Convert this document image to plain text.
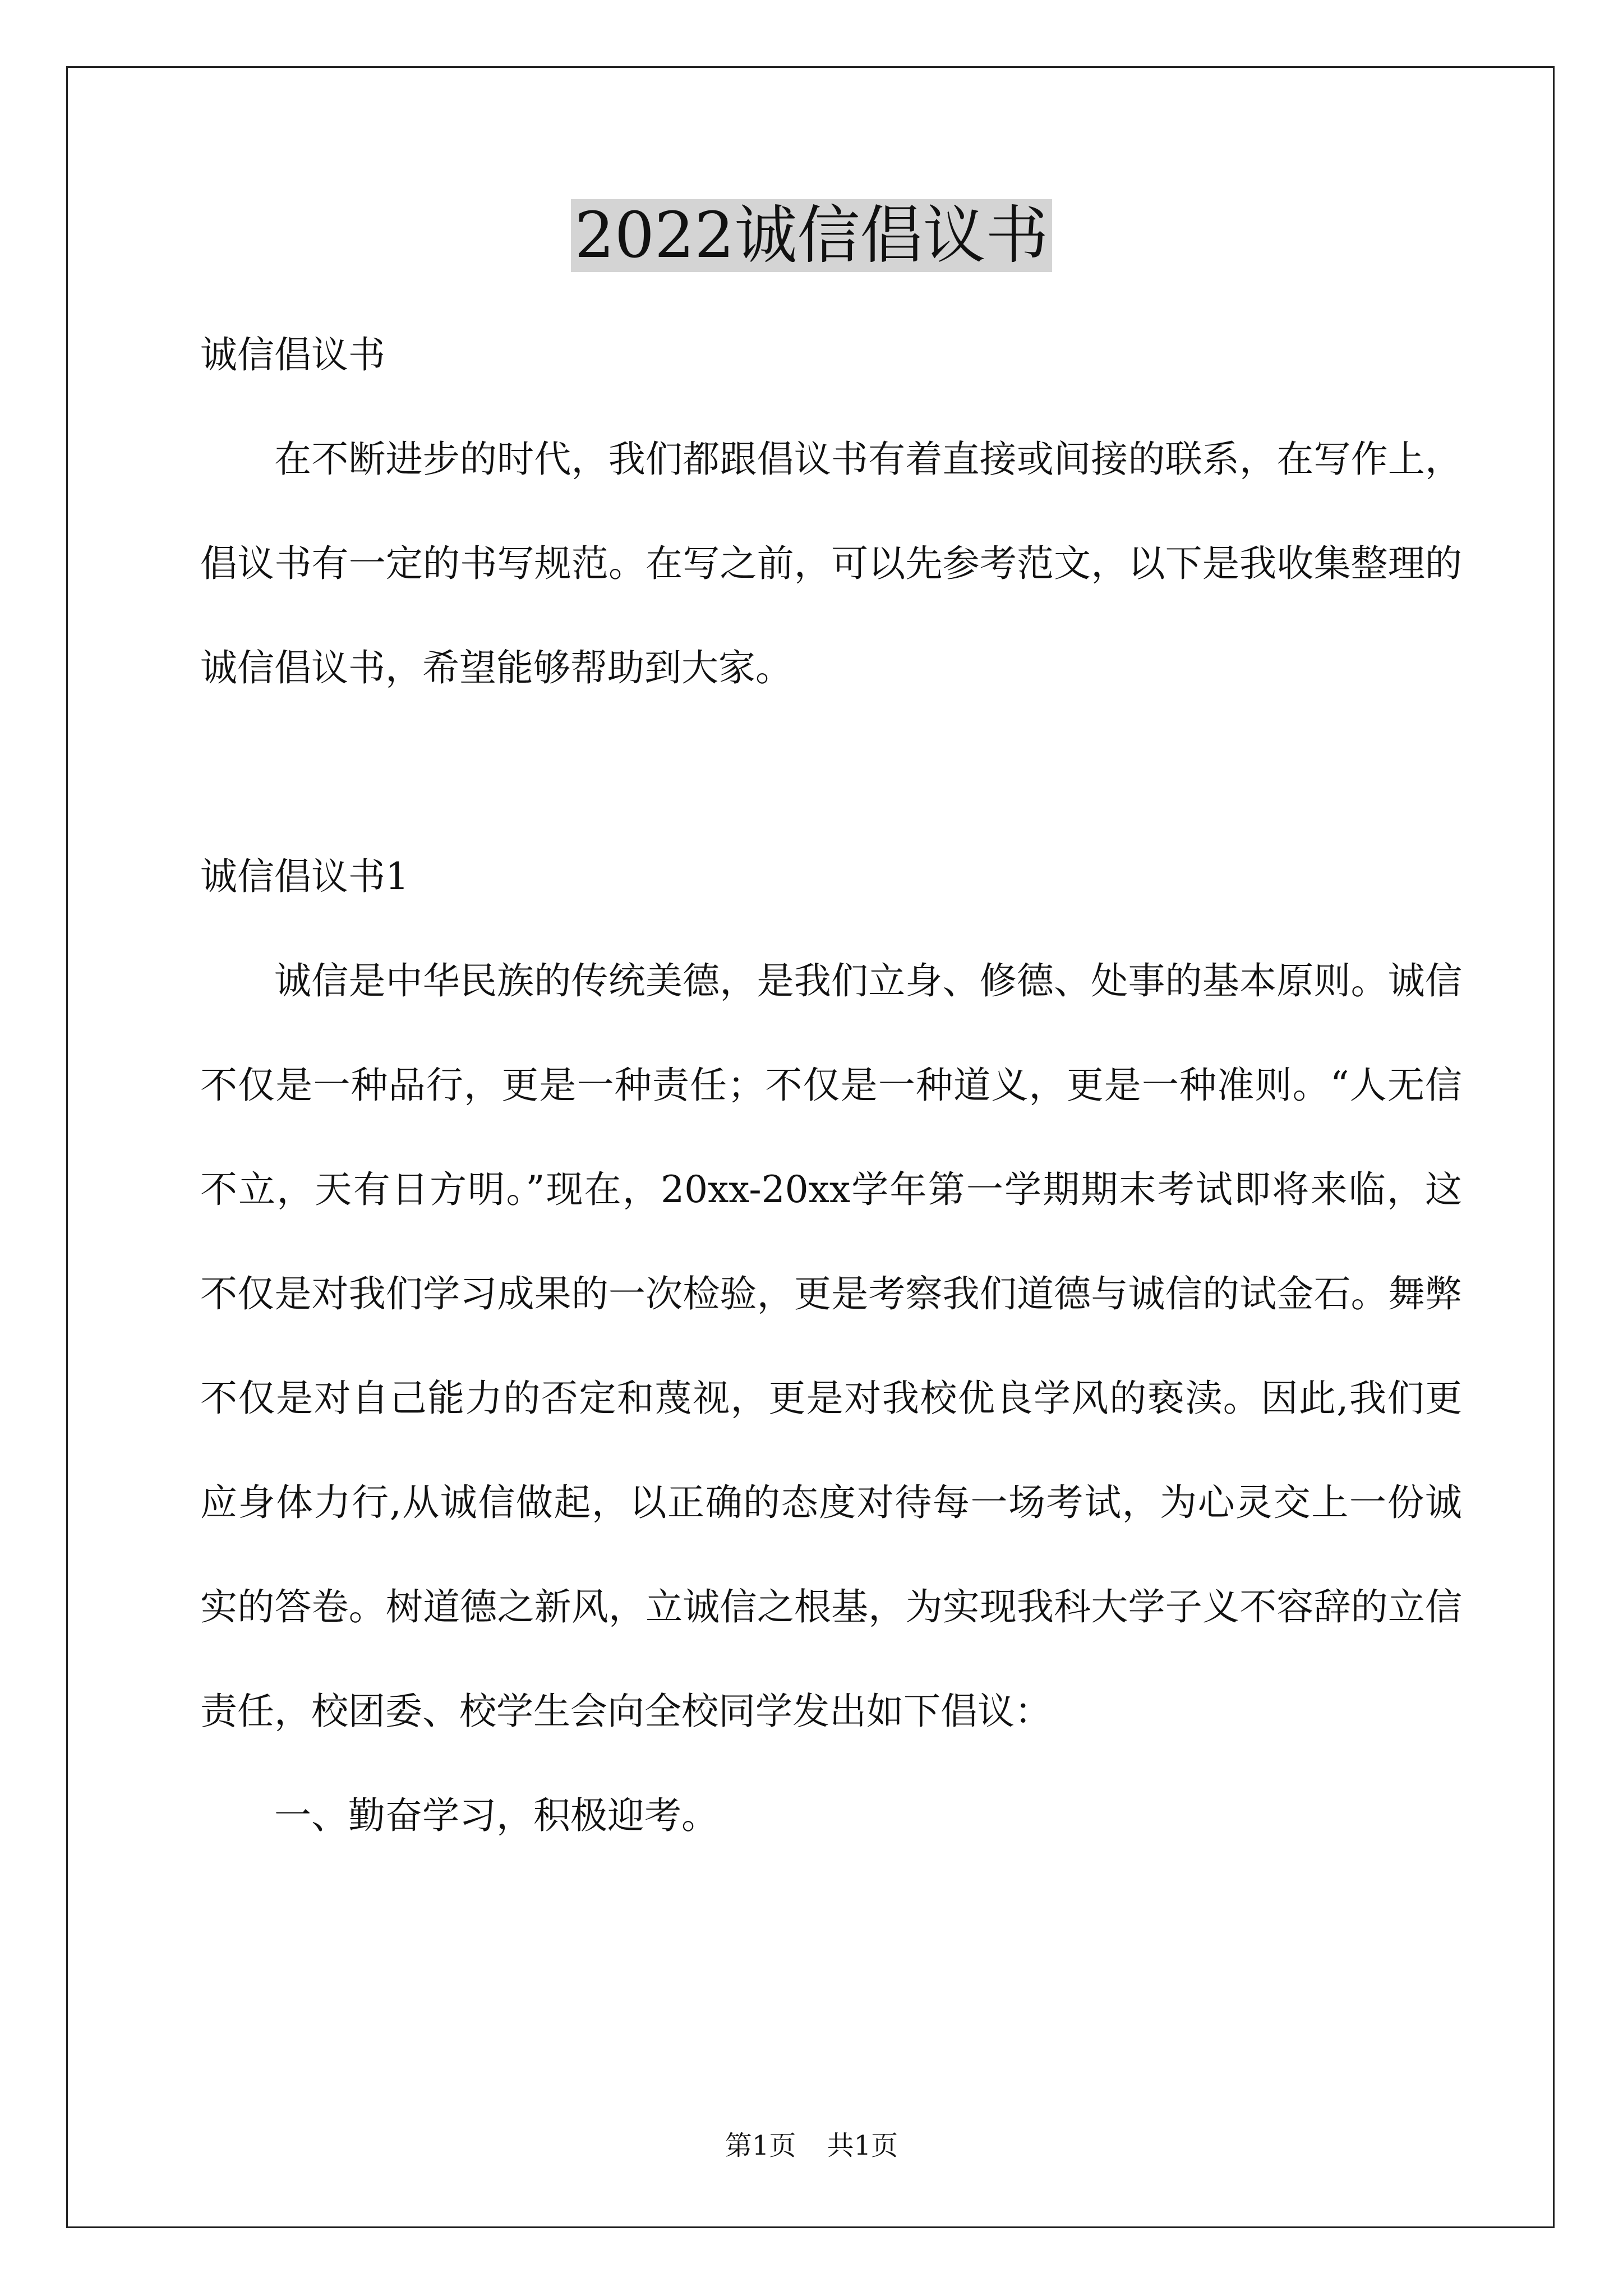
2022诚信倡议书

诚信倡议书

在不断进步的时代，我们都跟倡议书有着直接或间接的联系，在写作上，倡议书有一定的书写规范。在写之前，可以先参考范文，以下是我收集整理的诚信倡议书，希望能够帮助到大家。

诚信倡议书1

诚信是中华民族的传统美德，是我们立身、修德、处事的基本原则。诚信不仅是一种品行，更是一种责任；不仅是一种道义，更是一种准则。“人无信不立，天有日方明。”现在，20xx-20xx学年第一学期期末考试即将来临，这不仅是对我们学习成果的一次检验，更是考察我们道德与诚信的试金石。舞弊不仅是对自己能力的否定和蔑视，更是对我校优良学风的亵渎。因此,我们更应身体力行,从诚信做起，以正确的态度对待每一场考试，为心灵交上一份诚实的答卷。树道德之新风，立诚信之根基，为实现我科大学子义不容辞的立信责任，校团委、校学生会向全校同学发出如下倡议：

一、勤奋学习，积极迎考。

第1页 共1页
